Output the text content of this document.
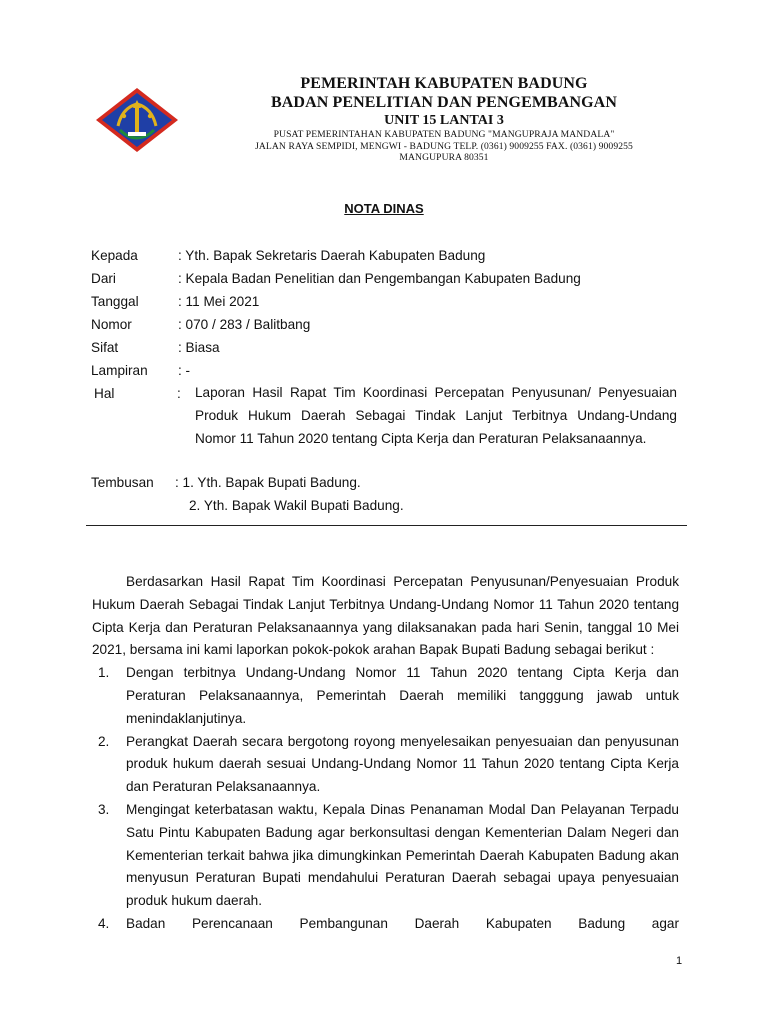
PEMERINTAH KABUPATEN BADUNG
BADAN PENELITIAN DAN PENGEMBANGAN
UNIT 15 LANTAI 3
PUSAT PEMERINTAHAN KABUPATEN BADUNG "MANGUPRAJA MANDALA"
JALAN RAYA SEMPIDI, MENGWI - BADUNG TELP. (0361) 9009255 FAX. (0361) 9009255
MANGUPURA 80351
NOTA DINAS
Kepada	: Yth. Bapak Sekretaris Daerah Kabupaten Badung
Dari	: Kepala Badan Penelitian dan Pengembangan Kabupaten Badung
Tanggal	: 11 Mei 2021
Nomor	: 070 / 283 / Balitbang
Sifat	: Biasa
Lampiran : -
Hal	: Laporan Hasil Rapat Tim Koordinasi Percepatan Penyusunan/ Penyesuaian Produk Hukum Daerah Sebagai Tindak Lanjut Terbitnya Undang-Undang Nomor 11 Tahun 2020 tentang Cipta Kerja dan Peraturan Pelaksanaannya.
Tembusan : 1. Yth. Bapak Bupati Badung.
2. Yth. Bapak Wakil Bupati Badung.

Berdasarkan Hasil Rapat Tim Koordinasi Percepatan Penyusunan/Penyesuaian Produk Hukum Daerah Sebagai Tindak Lanjut Terbitnya Undang-Undang Nomor 11 Tahun 2020 tentang Cipta Kerja dan Peraturan Pelaksanaannya yang dilaksanakan pada hari Senin, tanggal 10 Mei 2021, bersama ini kami laporkan pokok-pokok arahan Bapak Bupati Badung sebagai berikut :

1. Dengan terbitnya Undang-Undang Nomor 11 Tahun 2020 tentang Cipta Kerja dan Peraturan Pelaksanaannya, Pemerintah Daerah memiliki tangggung jawab untuk menindaklanjutinya.
2. Perangkat Daerah secara bergotong royong menyelesaikan penyesuaian dan penyusunan produk hukum daerah sesuai Undang-Undang Nomor 11 Tahun 2020 tentang Cipta Kerja dan Peraturan Pelaksanaannya.
3. Mengingat keterbatasan waktu, Kepala Dinas Penanaman Modal Dan Pelayanan Terpadu Satu Pintu Kabupaten Badung agar berkonsultasi dengan Kementerian Dalam Negeri dan Kementerian terkait bahwa jika dimungkinkan Pemerintah Daerah Kabupaten Badung akan menyusun Peraturan Bupati mendahului Peraturan Daerah sebagai upaya penyesuaian produk hukum daerah.
4. Badan Perencanaan Pembangunan Daerah Kabupaten Badung agar
1
